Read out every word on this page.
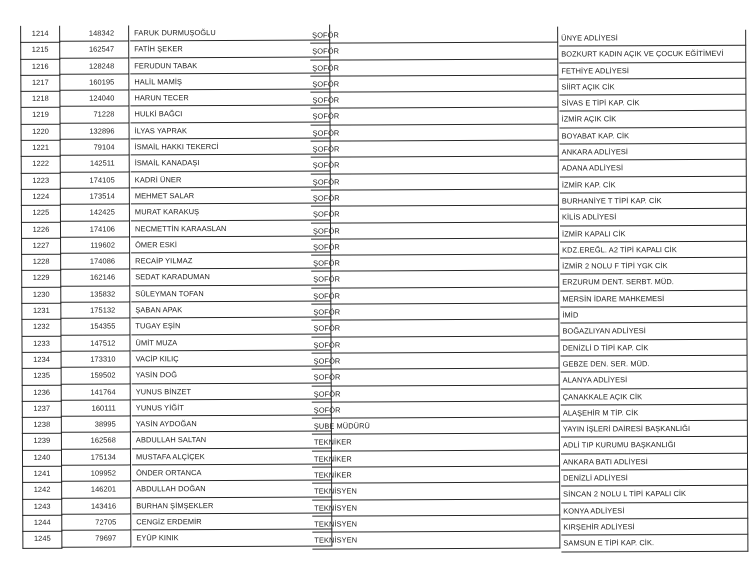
1214	148342	FARUK DURMUŞOĞLU	ŞOFÖR	ÜNYE ADLİYESİ
1215	162547	FATİH ŞEKER	ŞOFÖR	BOZKURT KADIN AÇIK VE ÇOCUK EĞİTİMEVİ
1216	128248	FERUDUN TABAK	ŞOFÖR	FETHİYE ADLİYESİ
1217	160195	HALİL MAMİŞ	ŞOFÖR	SİİRT AÇIK CİK
1218	124040	HARUN TECER	ŞOFÖR	SİVAS E TİPİ KAP. CİK
1219	71228	HULKİ BAĞCI	ŞOFÖR	İZMİR AÇIK CİK
1220	132896	İLYAS YAPRAK	ŞOFÖR	BOYABAT KAP. CİK
1221	79104	İSMAİL HAKKI TEKERCİ	ŞOFÖR	ANKARA ADLİYESİ
1222	142511	İSMAİL KANADAŞI	ŞOFÖR	ADANA ADLİYESİ
1223	174105	KADRİ ÜNER	ŞOFÖR	İZMİR KAP. CİK
1224	173514	MEHMET SALAR	ŞOFÖR	BURHANİYE T TİPİ KAP. CİK
1225	142425	MURAT KARAKUŞ	ŞOFÖR	KİLİS ADLİYESİ
1226	174106	NECMETTİN KARAASLAN	ŞOFÖR	İZMİR KAPALI CİK
1227	119602	ÖMER ESKİ	ŞOFÖR	KDZ.EREĞL. A2 TİPİ KAPALI CİK
1228	174086	RECAİP YILMAZ	ŞOFÖR	İZMİR 2 NOLU F TİPİ YGK CİK
1229	162146	SEDAT KARADUMAN	ŞOFÖR	ERZURUM DENT. SERBT. MÜD.
1230	135832	SÜLEYMAN TOFAN	ŞOFÖR	MERSİN İDARE MAHKEMESİ
1231	175132	ŞABAN APAK	ŞOFÖR	İMİD
1232	154355	TUGAY EŞİN	ŞOFÖR	BOĞAZLIYAN ADLİYESİ
1233	147512	ÜMİT MUZA	ŞOFÖR	DENİZLİ D TİPİ KAP. CİK
1234	173310	VACİP KILIÇ	ŞOFÖR	GEBZE DEN. SER. MÜD.
1235	159502	YASİN DOĞ	ŞOFÖR	ALANYA ADLİYESİ
1236	141764	YUNUS BİNZET	ŞOFÖR	ÇANAKKALE AÇIK CİK
1237	160111	YUNUS YİĞİT	ŞOFÖR	ALAŞEHİR M TİP. CİK
1238	38995	YASİN AYDOĞAN	ŞUBE MÜDÜRÜ	YAYIN İŞLERİ DAİRESİ BAŞKANLIĞI
1239	162568	ABDULLAH SALTAN	TEKNİKER	ADLİ TIP KURUMU BAŞKANLIĞI
1240	175134	MUSTAFA ALÇİÇEK	TEKNİKER	ANKARA BATI ADLİYESİ
1241	109952	ÖNDER ORTANCA	TEKNİKER	DENİZLİ ADLİYESİ
1242	146201	ABDULLAH DOĞAN	TEKNİSYEN	SİNCAN 2 NOLU L TİPİ KAPALI CİK
1243	143416	BURHAN ŞİMŞEKLER	TEKNİSYEN	KONYA ADLİYESİ
1244	72705	CENGİZ ERDEMİR	TEKNİSYEN	KIRŞEHİR ADLİYESİ
1245	79697	EYÜP KINIK	TEKNİSYEN	SAMSUN E TİPİ KAP. CİK.
